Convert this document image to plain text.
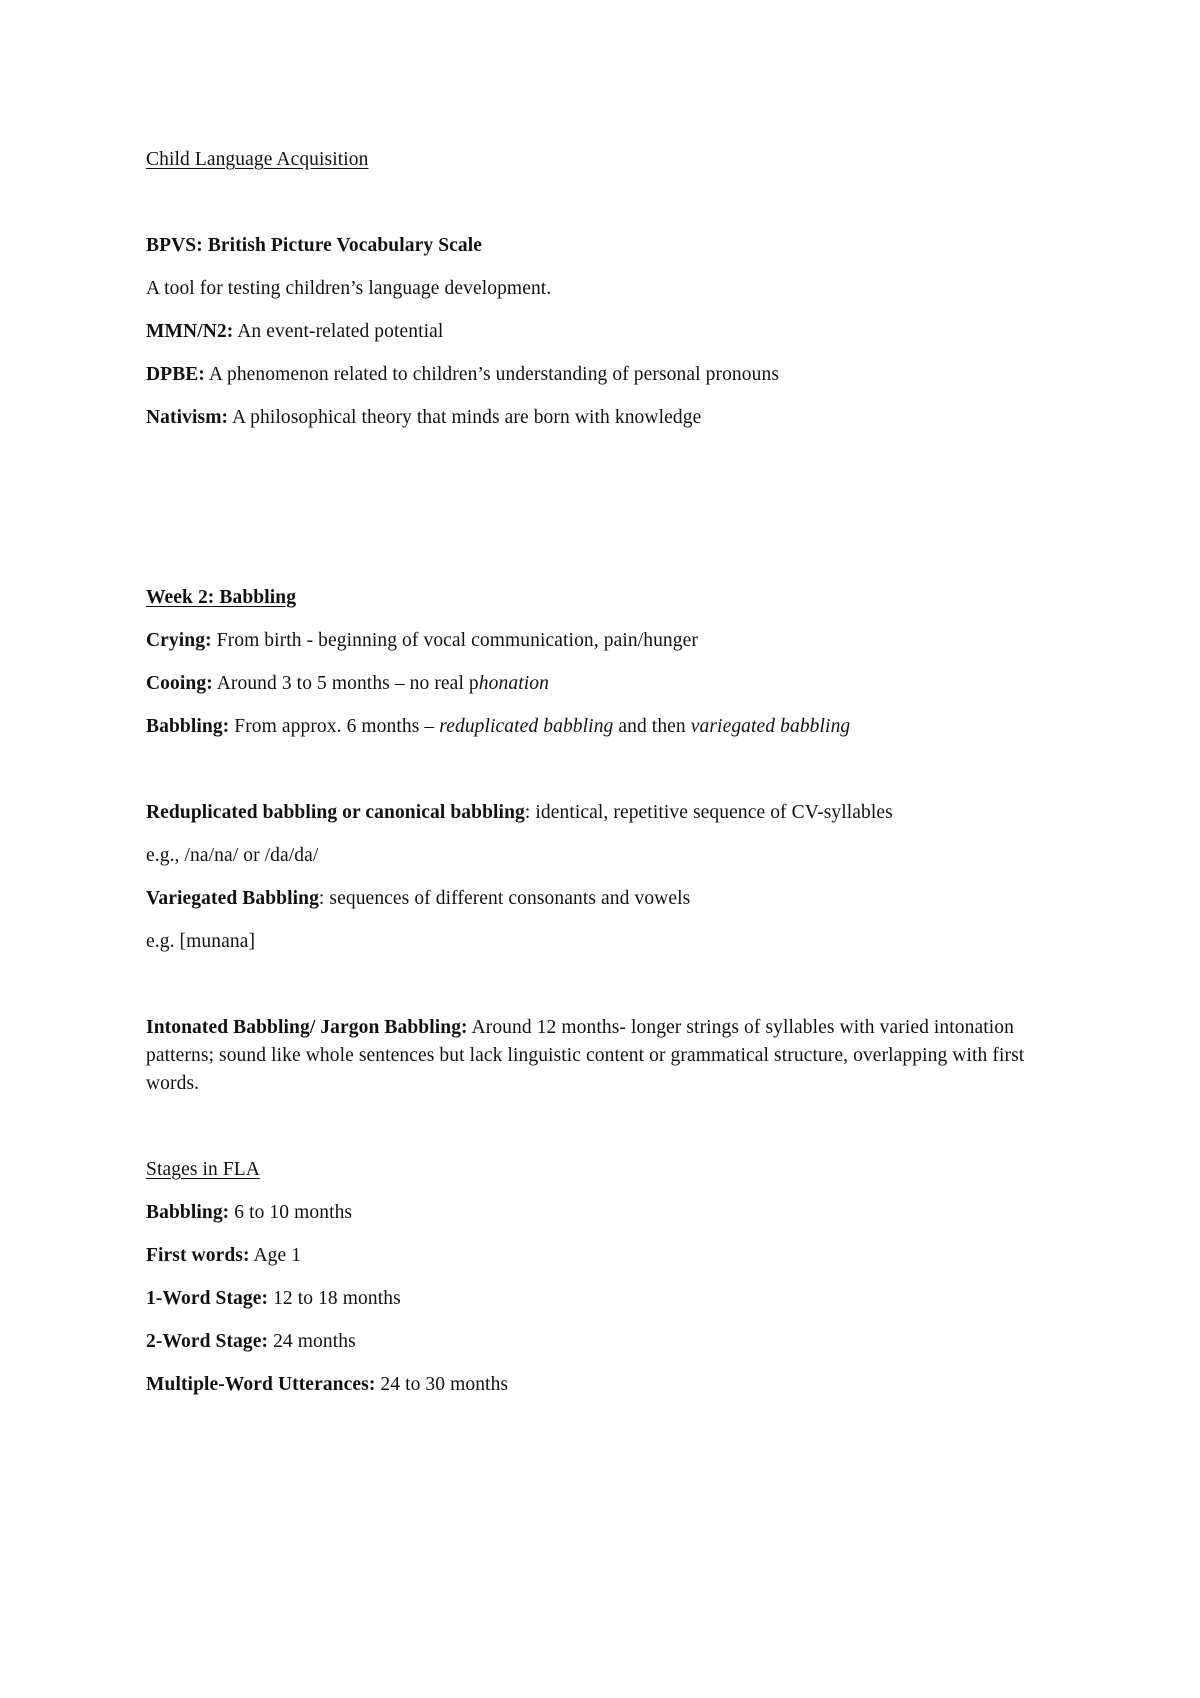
Child Language Acquisition
BPVS: British Picture Vocabulary Scale
A tool for testing children’s language development.
MMN/N2: An event-related potential
DPBE: A phenomenon related to children’s understanding of personal pronouns
Nativism: A philosophical theory that minds are born with knowledge
Week 2: Babbling
Crying: From birth - beginning of vocal communication, pain/hunger
Cooing: Around 3 to 5 months – no real phonation
Babbling: From approx. 6 months – reduplicated babbling and then variegated babbling
Reduplicated babbling or canonical babbling: identical, repetitive sequence of CV-syllables
e.g., /na/na/ or /da/da/
Variegated Babbling: sequences of different consonants and vowels
e.g. [munana]
Intonated Babbling/ Jargon Babbling: Around 12 months- longer strings of syllables with varied intonation patterns; sound like whole sentences but lack linguistic content or grammatical structure, overlapping with first words.
Stages in FLA
Babbling: 6 to 10 months
First words: Age 1
1-Word Stage: 12 to 18 months
2-Word Stage: 24 months
Multiple-Word Utterances: 24 to 30 months
